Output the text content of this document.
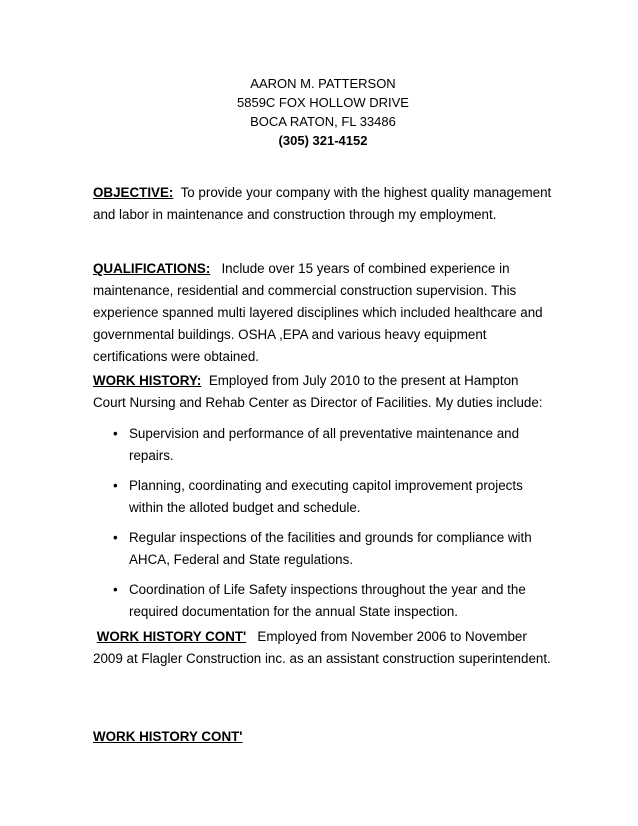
AARON M. PATTERSON
5859C FOX HOLLOW DRIVE
BOCA RATON, FL 33486
(305) 321-4152
OBJECTIVE: To provide your company with the highest quality management and labor in maintenance and construction through my employment.
QUALIFICATIONS: Include over 15 years of combined experience in maintenance, residential and commercial construction supervision. This experience spanned multi layered disciplines which included healthcare and governmental buildings. OSHA ,EPA and various heavy equipment certifications were obtained.
WORK HISTORY: Employed from July 2010 to the present at Hampton Court Nursing and Rehab Center as Director of Facilities. My duties include:
• Supervision and performance of all preventative maintenance and repairs.
• Planning, coordinating and executing capitol improvement projects within the alloted budget and schedule.
• Regular inspections of the facilities and grounds for compliance with AHCA, Federal and State regulations.
• Coordination of Life Safety inspections throughout the year and the required documentation for the annual State inspection.
WORK HISTORY CONT' Employed from November 2006 to November 2009 at Flagler Construction inc. as an assistant construction superintendent.
WORK HISTORY CONT'
